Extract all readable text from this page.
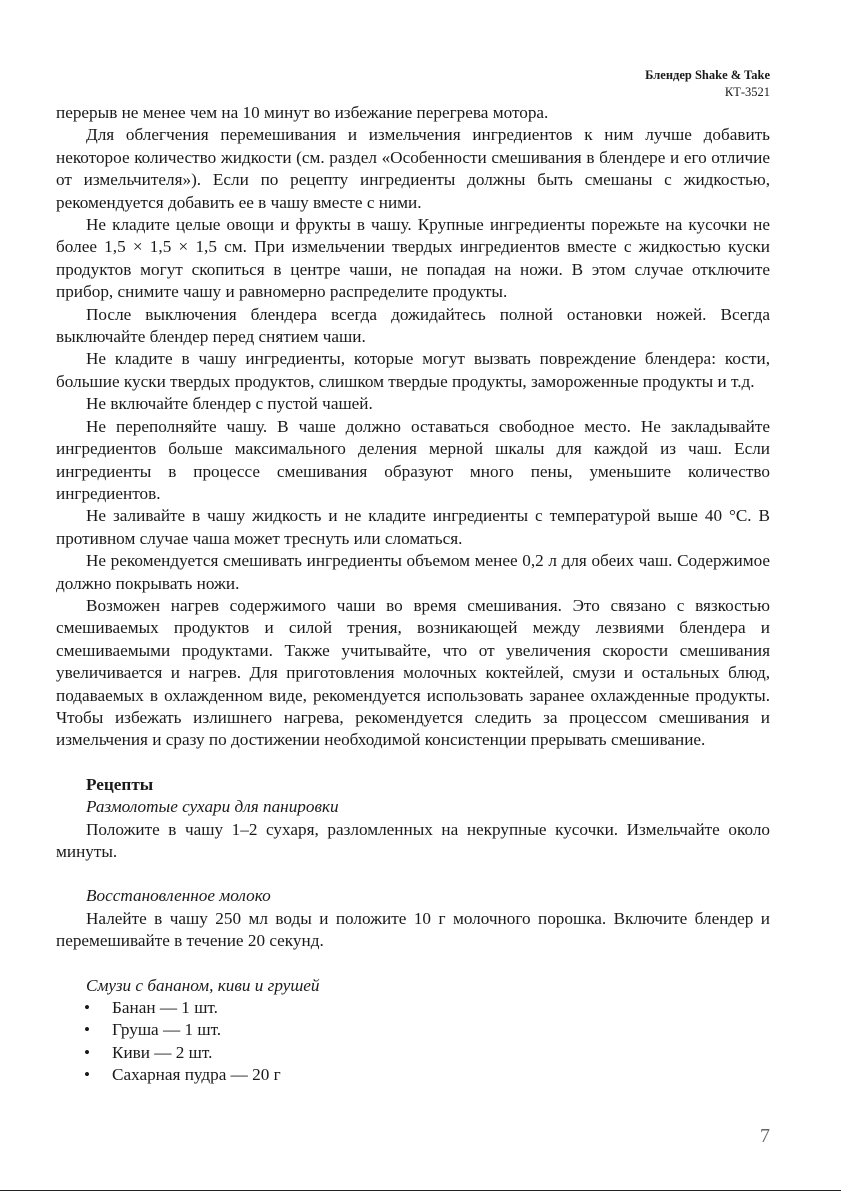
Блендер Shake & Take
КТ-3521

перерыв не менее чем на 10 минут во избежание перегрева мотора.

Для облегчения перемешивания и измельчения ингредиентов к ним лучше добавить некоторое количество жидкости (см. раздел «Особенности смешивания в блендере и его отличие от измельчителя»). Если по рецепту ингредиенты должны быть смешаны с жидкостью, рекомендуется добавить ее в чашу вместе с ними.

Не кладите целые овощи и фрукты в чашу. Крупные ингредиенты порежьте на кусочки не более 1,5 × 1,5 × 1,5 см. При измельчении твердых ингредиентов вместе с жидкостью куски продуктов могут скопиться в центре чаши, не попадая на ножи. В этом случае отключите прибор, снимите чашу и равномерно распределите продукты.

После выключения блендера всегда дожидайтесь полной остановки ножей. Всегда выключайте блендер перед снятием чаши.

Не кладите в чашу ингредиенты, которые могут вызвать повреждение блендера: кости, большие куски твердых продуктов, слишком твердые продукты, замороженные продукты и т.д.

Не включайте блендер с пустой чашей.

Не переполняйте чашу. В чаше должно оставаться свободное место. Не закладывайте ингредиентов больше максимального деления мерной шкалы для каждой из чаш. Если ингредиенты в процессе смешивания образуют много пены, уменьшите количество ингредиентов.

Не заливайте в чашу жидкость и не кладите ингредиенты с температурой выше 40 °С. В противном случае чаша может треснуть или сломаться.

Не рекомендуется смешивать ингредиенты объемом менее 0,2 л для обеих чаш. Содержимое должно покрывать ножи.

Возможен нагрев содержимого чаши во время смешивания. Это связано с вязкостью смешиваемых продуктов и силой трения, возникающей между лезвиями блендера и смешиваемыми продуктами. Также учитывайте, что от увеличения скорости смешивания увеличивается и нагрев. Для приготовления молочных коктейлей, смузи и остальных блюд, подаваемых в охлажденном виде, рекомендуется использовать заранее охлажденные продукты. Чтобы избежать излишнего нагрева, рекомендуется следить за процессом смешивания и измельчения и сразу по достижении необходимой консистенции прерывать смешивание.

Рецепты
Размолотые сухари для панировки

Положите в чашу 1–2 сухаря, разломленных на некрупные кусочки. Измельчайте около минуты.

Восстановленное молоко

Налейте в чашу 250 мл воды и положите 10 г молочного порошка. Включите блендер и перемешивайте в течение 20 секунд.

Смузи с бананом, киви и грушей
• Банан — 1 шт.
• Груша — 1 шт.
• Киви — 2 шт.
• Сахарная пудра — 20 г
7
